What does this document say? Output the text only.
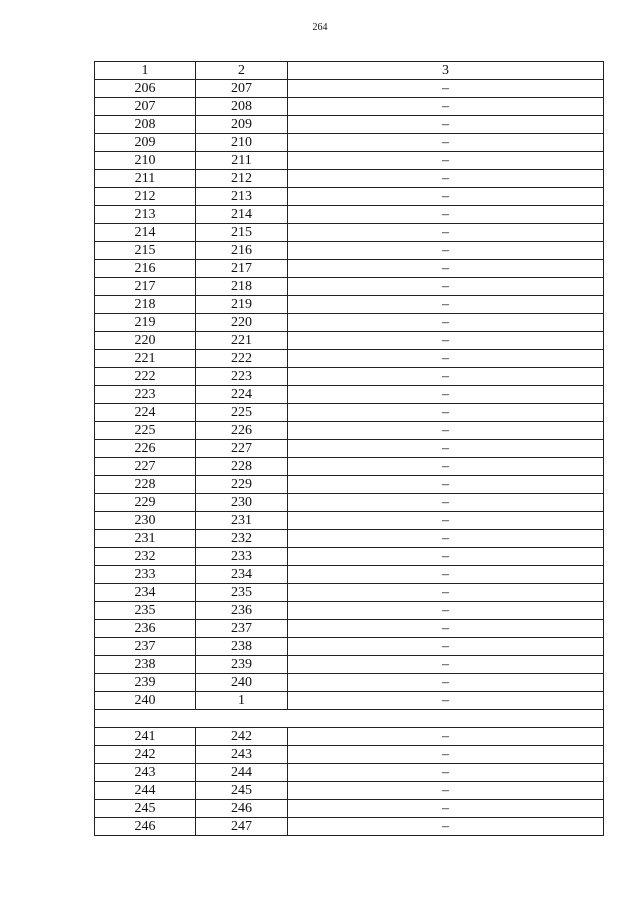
264
1	2	3
206	207	–
207	208	–
208	209	–
209	210	–
210	211	–
211	212	–
212	213	–
213	214	–
214	215	–
215	216	–
216	217	–
217	218	–
218	219	–
219	220	–
220	221	–
221	222	–
222	223	–
223	224	–
224	225	–
225	226	–
226	227	–
227	228	–
228	229	–
229	230	–
230	231	–
231	232	–
232	233	–
233	234	–
234	235	–
235	236	–
236	237	–
237	238	–
238	239	–
239	240	–
240	1	–

241	242	–
242	243	–
243	244	–
244	245	–
245	246	–
246	247	–
